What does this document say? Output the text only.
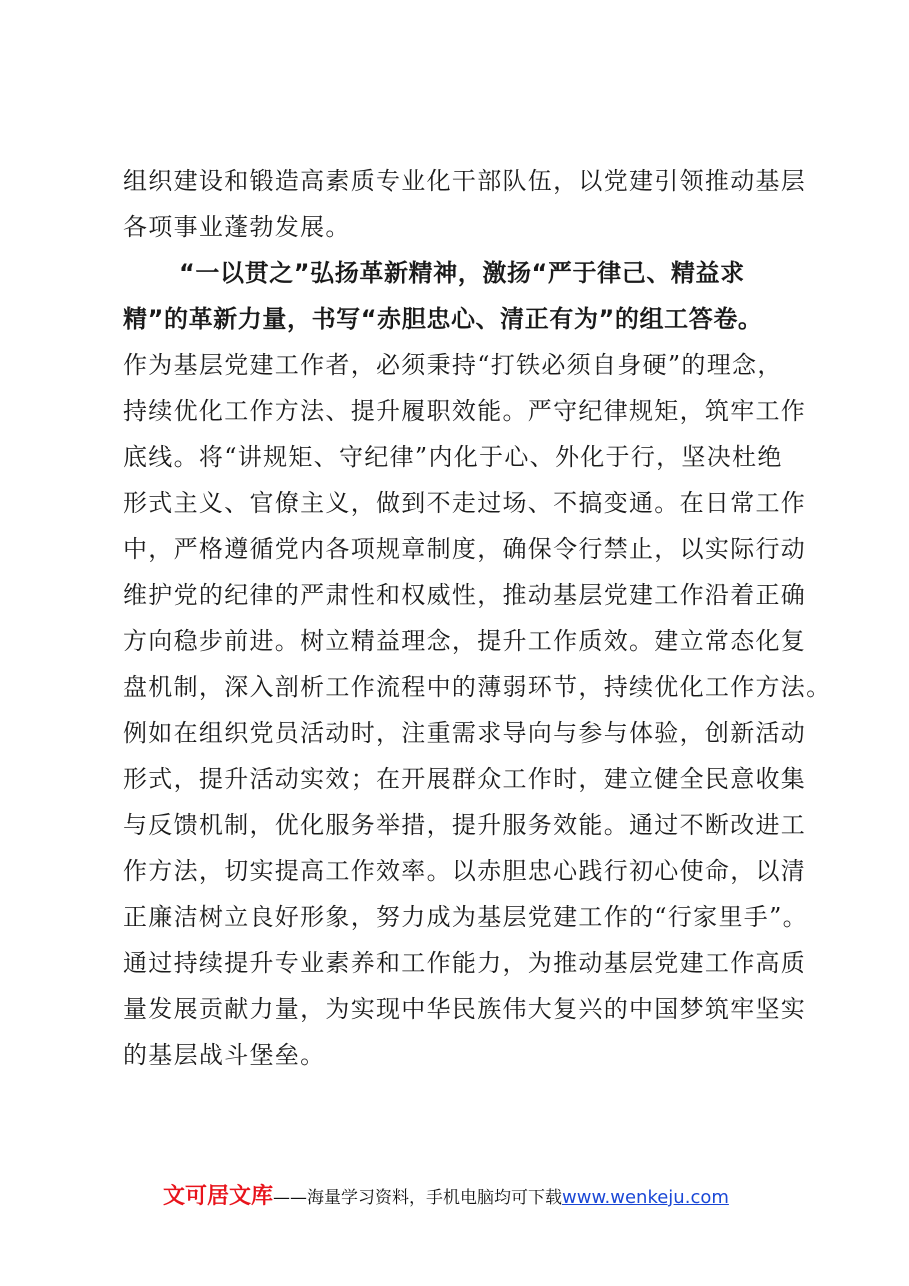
组织建设和锻造高素质专业化干部队伍，以党建引领推动基层
各项事业蓬勃发展。
“一以贯之”弘扬革新精神，激扬“严于律己、精益求
精”的革新力量，书写“赤胆忠心、清正有为”的组工答卷。
作为基层党建工作者，必须秉持“打铁必须自身硬”的理念，
持续优化工作方法、提升履职效能。严守纪律规矩，筑牢工作
底线。将“讲规矩、守纪律”内化于心、外化于行，坚决杜绝
形式主义、官僚主义，做到不走过场、不搞变通。在日常工作
中，严格遵循党内各项规章制度，确保令行禁止，以实际行动
维护党的纪律的严肃性和权威性，推动基层党建工作沿着正确
方向稳步前进。树立精益理念，提升工作质效。建立常态化复
盘机制，深入剖析工作流程中的薄弱环节，持续优化工作方法。
例如在组织党员活动时，注重需求导向与参与体验，创新活动
形式，提升活动实效；在开展群众工作时，建立健全民意收集
与反馈机制，优化服务举措，提升服务效能。通过不断改进工
作方法，切实提高工作效率。以赤胆忠心践行初心使命，以清
正廉洁树立良好形象，努力成为基层党建工作的“行家里手”。
通过持续提升专业素养和工作能力，为推动基层党建工作高质
量发展贡献力量，为实现中华民族伟大复兴的中国梦筑牢坚实
的基层战斗堡垒。
文可居文库——海量学习资料，手机电脑均可下载www.wenkeju.com
